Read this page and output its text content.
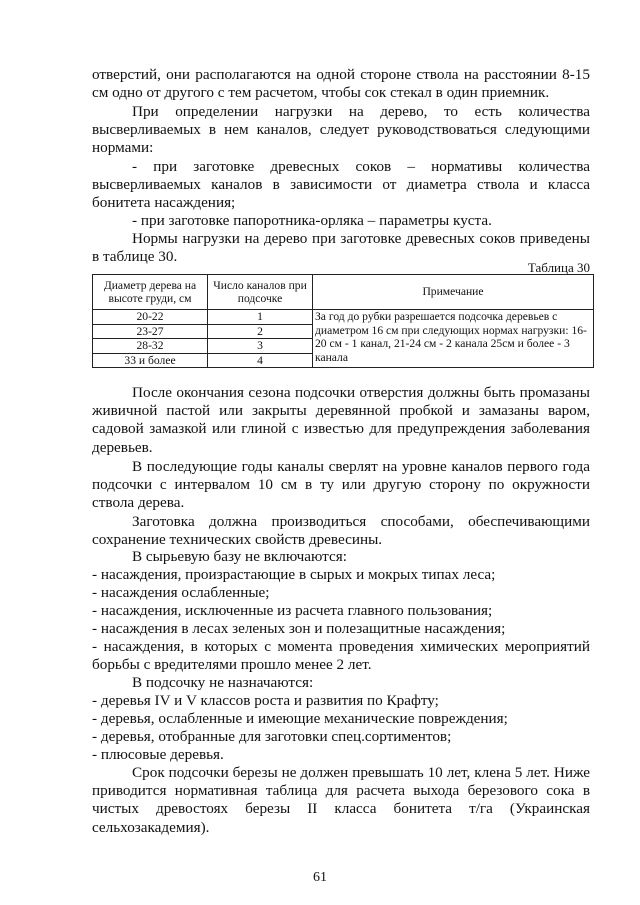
отверстий, они располагаются на одной стороне ствола на расстоянии 8-15 см одно от другого с тем расчетом, чтобы сок стекал в один приемник.

При определении нагрузки на дерево, то есть количества высверливаемых в нем каналов, следует руководствоваться следующими нормами:

- при заготовке древесных соков – нормативы количества высверливаемых каналов в зависимости от диаметра ствола и класса бонитета насаждения;

- при заготовке папоротника-орляка – параметры куста.

Нормы нагрузки на дерево при заготовке древесных соков приведены в таблице 30.

Таблица 30
Диаметр дерева на высоте груди, см	Число каналов при подсочке	Примечание
20-22	1	За год до рубки разрешается подсочка деревьев с диаметром 16 см при следующих нормах нагрузки: 16-20 см - 1 канал, 21-24 см - 2 канала 25см и более - 3 канала
23-27	2	
28-32	3	
33 и более	4	

После окончания сезона подсочки отверстия должны быть промазаны живичной пастой или закрыты деревянной пробкой и замазаны варом, садовой замазкой или глиной с известью для предупреждения заболевания деревьев.

В последующие годы каналы сверлят на уровне каналов первого года подсочки с интервалом 10 см в ту или другую сторону по окружности ствола дерева.

Заготовка должна производиться способами, обеспечивающими сохранение технических свойств древесины.

В сырьевую базу не включаются:

- насаждения, произрастающие в сырых и мокрых типах леса;

- насаждения ослабленные;

- насаждения, исключенные из расчета главного пользования;

- насаждения в лесах зеленых зон и полезащитные насаждения;

- насаждения, в которых с момента проведения химических мероприятий борьбы с вредителями прошло менее 2 лет.

В подсочку не назначаются:

- деревья IV и V классов роста и развития по Крафту;

- деревья, ослабленные и имеющие механические повреждения;

- деревья, отобранные для заготовки спец.сортиментов;

- плюсовые деревья.

Срок подсочки березы не должен превышать 10 лет, клена 5 лет. Ниже приводится нормативная таблица для расчета выхода березового сока в чистых древостоях березы II класса бонитета т/га (Украинская сельхозакадемия).

61
